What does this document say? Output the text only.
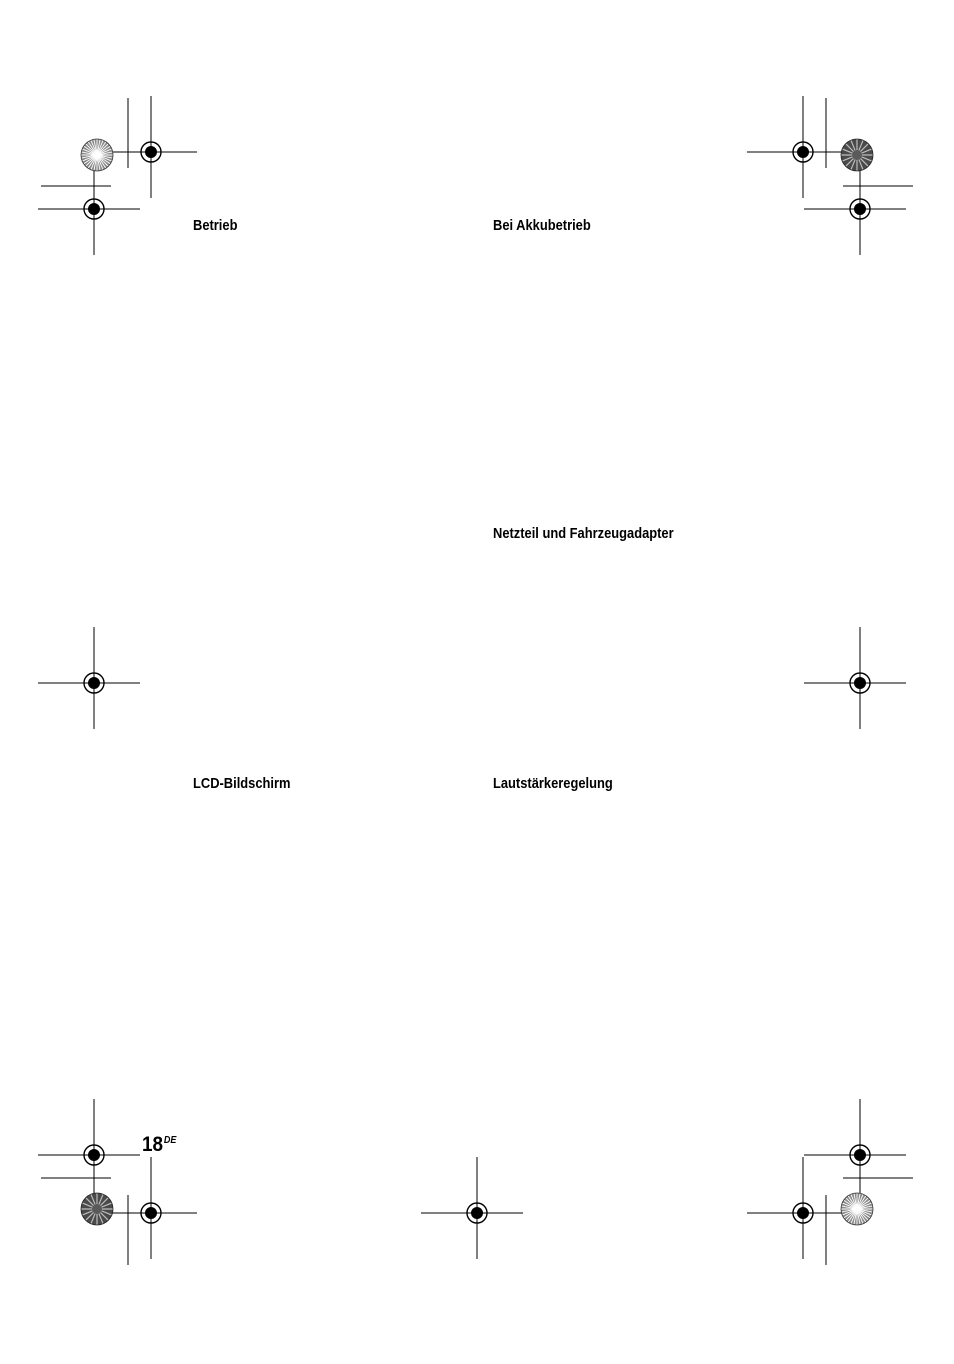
Betrieb	Bei Akkubetrieb
Netzteil und Fahrzeugadapter
LCD-Bildschirm	Lautstärkeregelung
18DE
